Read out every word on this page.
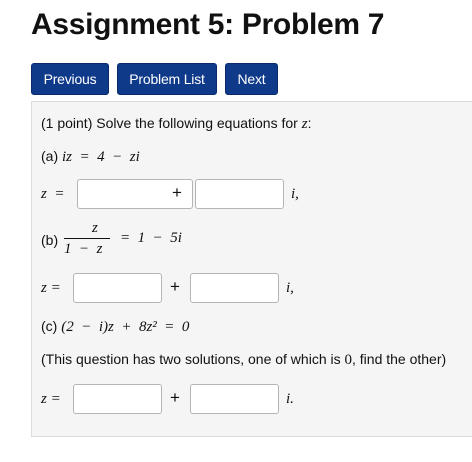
Assignment 5: Problem 7
Previous	Problem List	Next
(1 point) Solve the following equations for z:
(a) iz  =  4  −  zi
z  =	+	i,
(b)
z
1  −  z
=  1  −  5i
z =	+	i,
(c) (2  −  i)z  +  8z²  =  0
(This question has two solutions, one of which is 0, find the other)
z =	+	i.
